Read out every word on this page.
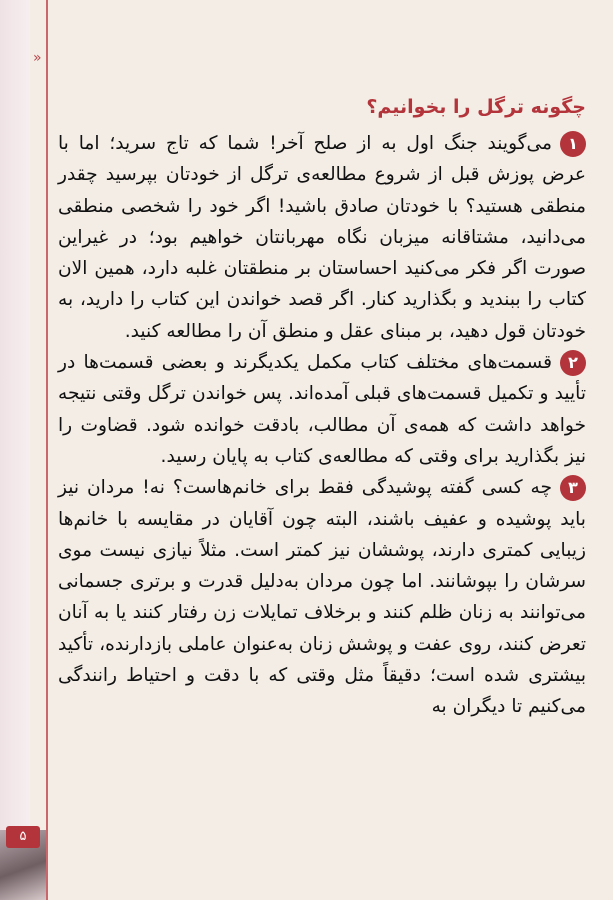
»
۵
چگونه ترگل را بخوانیم؟

۱می‌گویند جنگ اول به از صلح آخر! شما که تاج سرید؛ اما با عرض پوزش قبل از شروع مطالعه‌ی ترگل از خودتان بپرسید چقدر منطقی هستید؟ با خودتان صادق باشید! اگر خود را شخصی منطقی می‌دانید، مشتاقانه میزبان نگاه مهربانتان خواهیم بود؛ در غیراین صورت اگر فکر می‌کنید احساستان بر منطقتان غلبه دارد، همین الان کتاب را ببندید و بگذارید کنار. اگر قصد خواندن این کتاب را دارید، به خودتان قول دهید، بر مبنای عقل و منطق آن را مطالعه کنید.

۲قسمت‌های مختلف کتاب مکمل یکدیگرند و بعضی قسمت‌ها در تأیید و تکمیل قسمت‌های قبلی آمده‌اند. پس خواندن ترگل وقتی نتیجه خواهد داشت که همه‌ی آن مطالب، بادقت خوانده شود. قضاوت را نیز بگذارید برای وقتی که مطالعه‌ی کتاب به پایان رسید.

۳چه کسی گفته پوشیدگی فقط برای خانم‌هاست؟ نه! مردان نیز باید پوشیده و عفیف باشند، البته چون آقایان در مقایسه با خانم‌ها زیبایی کمتری دارند، پوششان نیز کمتر است. مثلاً نیازی نیست موی سرشان را بپوشانند. اما چون مردان به‌دلیل قدرت و برتری جسمانی می‌توانند به زنان ظلم کنند و برخلاف تمایلات زن رفتار کنند یا به آنان تعرض کنند، روی عفت و پوشش زنان به‌عنوان عاملی بازدارنده، تأکید بیشتری شده است؛ دقیقاً مثل وقتی که با دقت و احتیاط رانندگی می‌کنیم تا دیگران به
